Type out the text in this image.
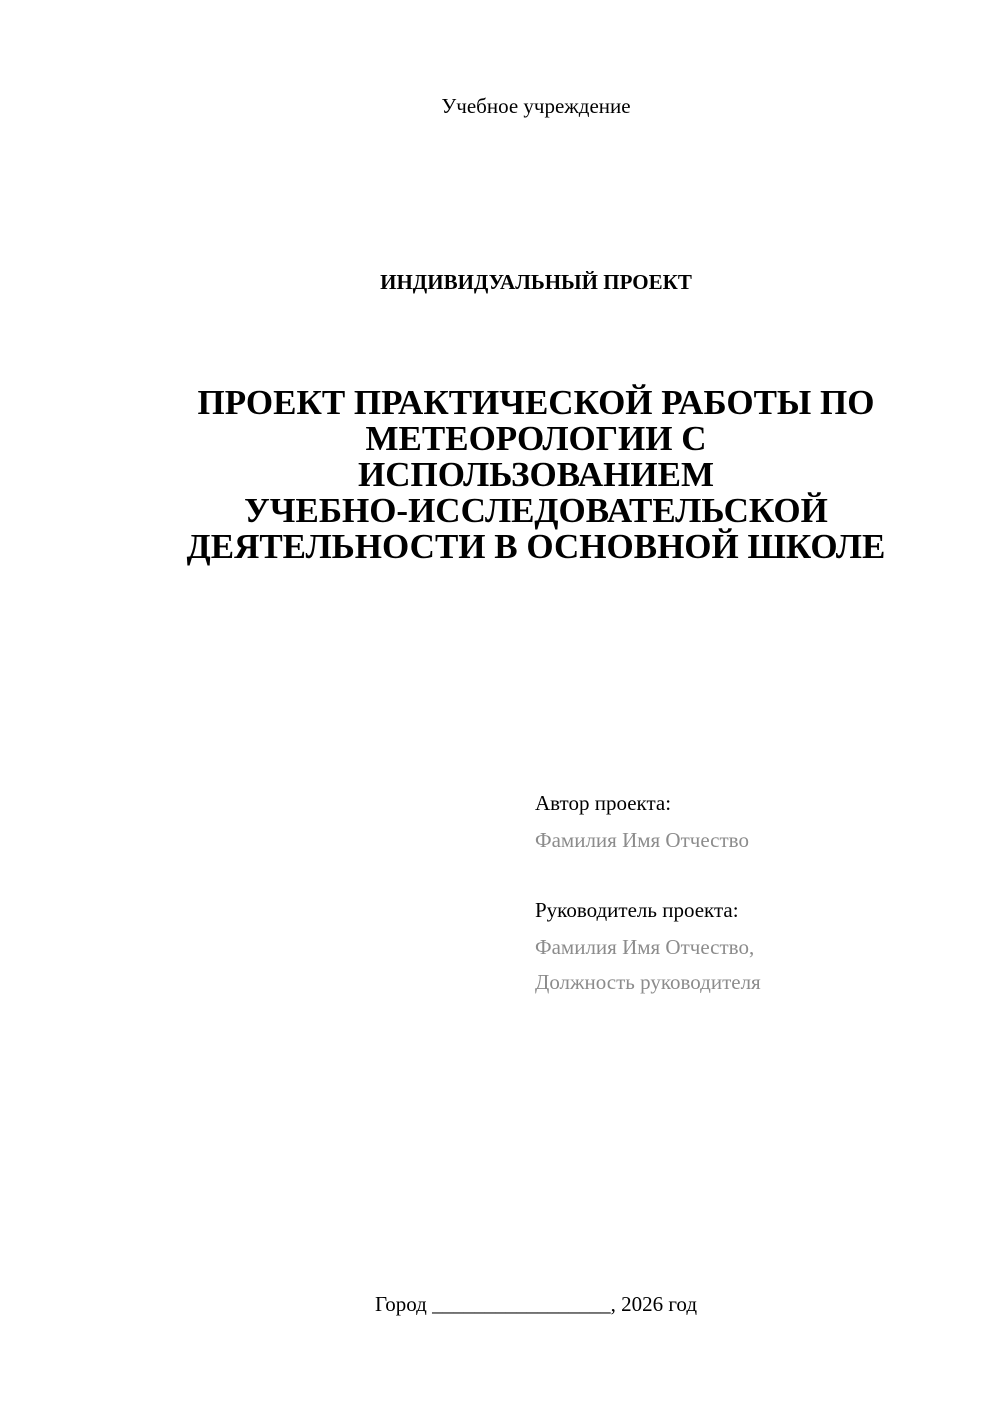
Учебное учреждение
ИНДИВИДУАЛЬНЫЙ ПРОЕКТ
ПРОЕКТ ПРАКТИЧЕСКОЙ РАБОТЫ ПО
МЕТЕОРОЛОГИИ С
ИСПОЛЬЗОВАНИЕМ
УЧЕБНО-ИССЛЕДОВАТЕЛЬСКОЙ
ДЕЯТЕЛЬНОСТИ В ОСНОВНОЙ ШКОЛЕ
Автор проекта:
Фамилия Имя Отчество
Руководитель проекта:
Фамилия Имя Отчество,
Должность руководителя
Город _________________, 2026 год
